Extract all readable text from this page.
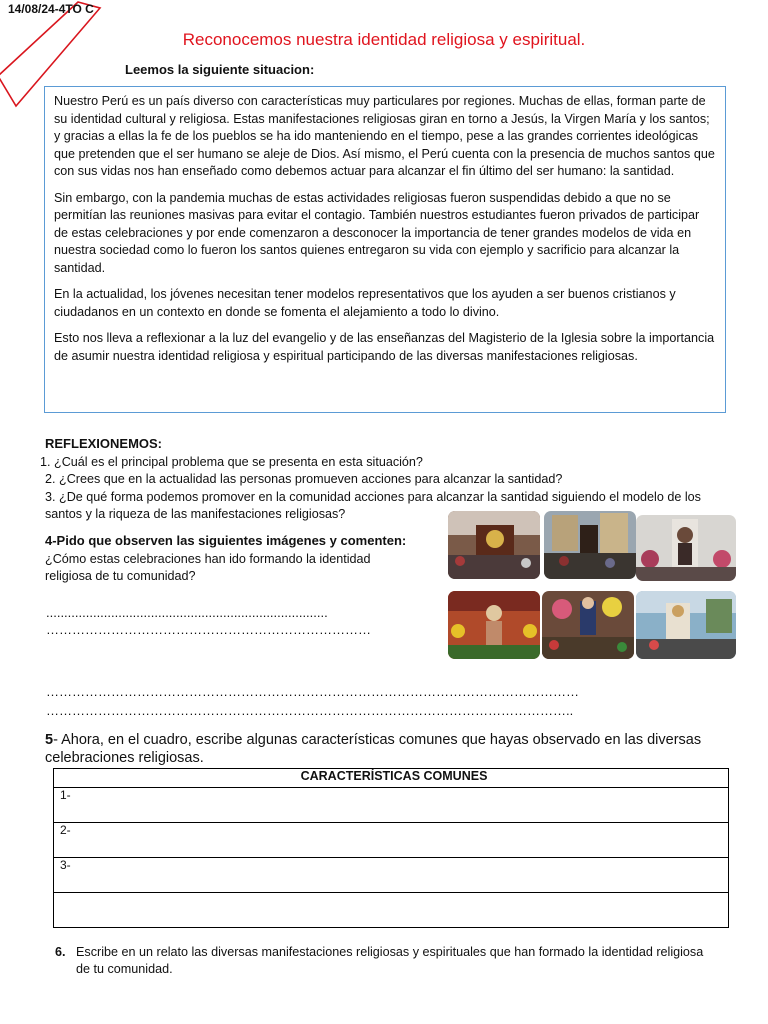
14/08/24-4TO C
Reconocemos nuestra identidad religiosa y espiritual.
Leemos la siguiente situacion:

Nuestro Perú es un país diverso con características muy particulares por regiones. Muchas de ellas, forman parte de su identidad cultural y religiosa. Estas manifestaciones religiosas giran en torno a Jesús, la Virgen María y los santos; y gracias a ellas la fe de los pueblos se ha ido manteniendo en el tiempo, pese a las grandes corrientes ideológicas que pretenden que el ser humano se aleje de Dios. Así mismo, el Perú cuenta con la presencia de muchos santos que con sus vidas nos han enseñado como debemos actuar para alcanzar el fin último del ser humano: la santidad.

Sin embargo, con la pandemia muchas de estas actividades religiosas fueron suspendidas debido a que no se permitían las reuniones masivas para evitar el contagio. También nuestros estudiantes fueron privados de participar de estas celebraciones y por ende comenzaron a desconocer la importancia de tener grandes modelos de vida en nuestra sociedad como lo fueron los santos quienes entregaron su vida con ejemplo y sacrificio para alcanzar la santidad.

En la actualidad, los jóvenes necesitan tener modelos representativos que los ayuden a ser buenos cristianos y ciudadanos en un contexto en donde se fomenta el alejamiento a todo lo divino.

Esto nos lleva a reflexionar a la luz del evangelio y de las enseñanzas del Magisterio de la Iglesia sobre la importancia de asumir nuestra identidad religiosa y espiritual participando de las diversas manifestaciones religiosas.

REFLEXIONEMOS:
1. ¿Cuál es el principal problema que se presenta en esta situación?
2. ¿Crees que en la actualidad las personas promueven acciones para alcanzar la santidad?
3. ¿De qué forma podemos promover en la comunidad acciones para alcanzar la santidad siguiendo el modelo de los santos y la riqueza de las manifestaciones religiosas?
4-Pido que observen las siguientes imágenes y comenten:
¿Cómo estas celebraciones han ido formando la identidad religiosa de tu comunidad?
..............................................................................
…………………………………………………………………
……………………………………………………………………………………………………………
…………………………………………………………………………………………………………..
5- Ahora, en el cuadro, escribe algunas características comunes que hayas observado en las diversas celebraciones religiosas.
CARACTERÍSTICAS COMUNES
1-
2-
3-

6. Escribe en un relato las diversas manifestaciones religiosas y espirituales que han formado la identidad religiosa de tu comunidad.
